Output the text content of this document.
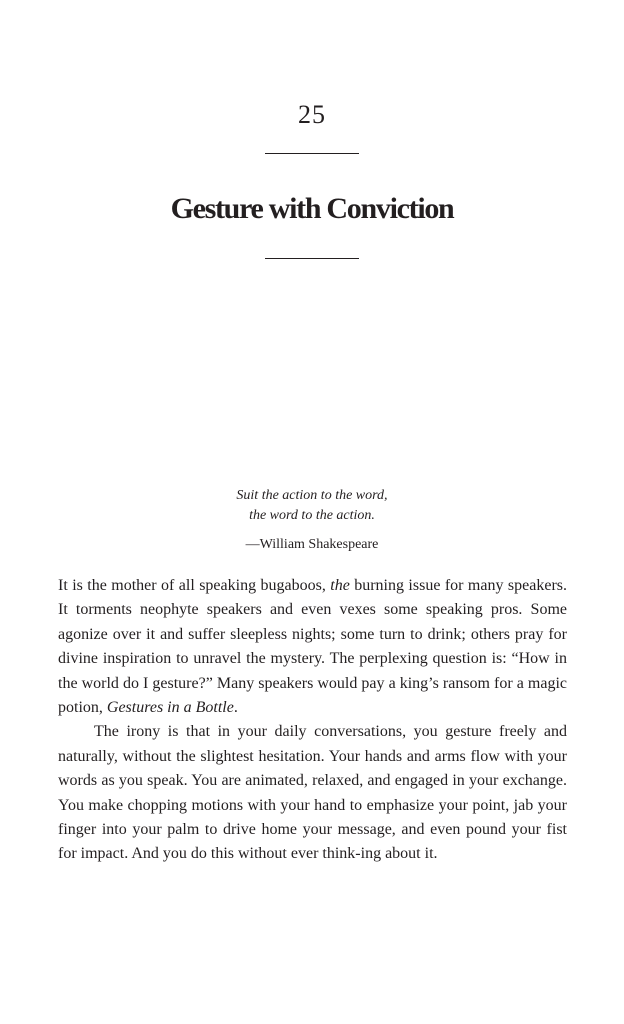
25
Gesture with Conviction
Suit the action to the word,
the word to the action.
—William Shakespeare

It is the mother of all speaking bugaboos, the burning issue for many speakers. It torments neophyte speakers and even vexes some speaking pros. Some agonize over it and suffer sleepless nights; some turn to drink; others pray for divine inspiration to unravel the mystery. The perplexing question is: “How in the world do I gesture?” Many speakers would pay a king’s ransom for a magic potion, Gestures in a Bottle.

The irony is that in your daily conversations, you gesture freely and naturally, without the slightest hesitation. Your hands and arms flow with your words as you speak. You are animated, relaxed, and engaged in your exchange. You make chopping motions with your hand to emphasize your point, jab your finger into your palm to drive home your message, and even pound your fist for impact. And you do this without ever think-ing about it.
